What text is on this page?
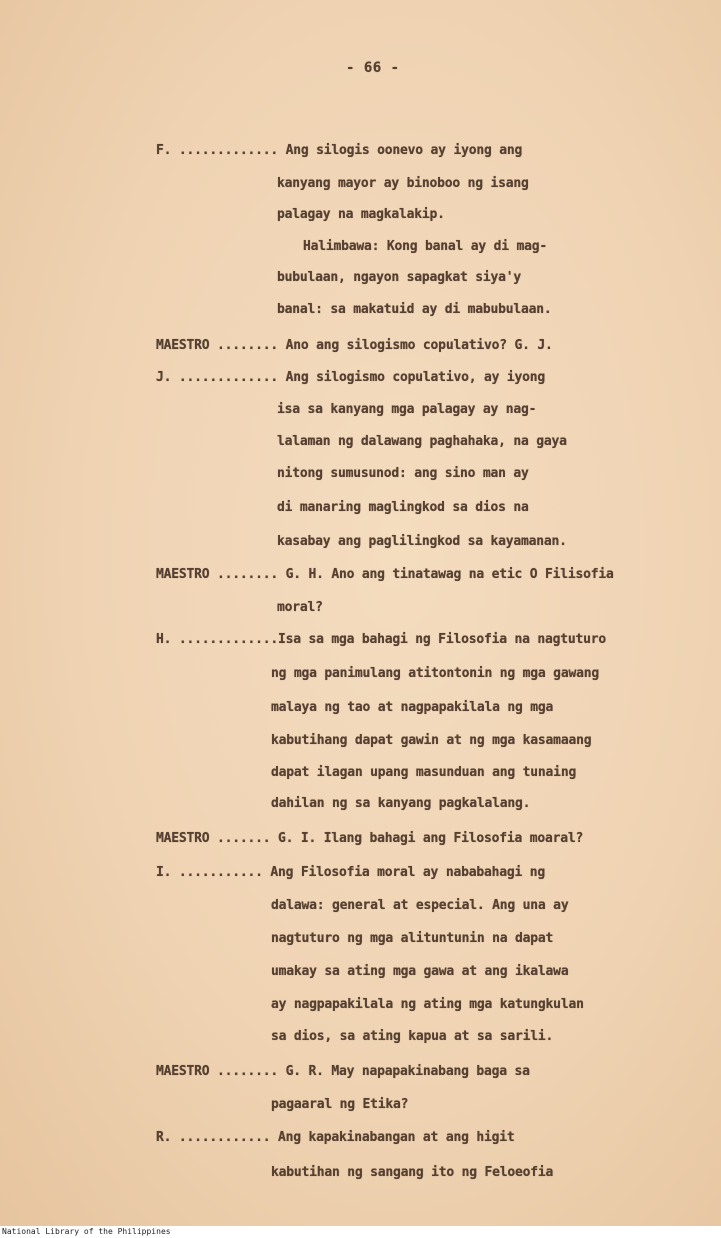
- 66 -
F. ............. Ang silogis oonevo ay iyong ang
kanyang mayor ay binoboo ng isang
palagay na magkalakip.
Halimbawa: Kong banal ay di mag-
bubulaan, ngayon sapagkat siya'y
banal: sa makatuid ay di mabubulaan.
MAESTRO ........ Ano ang silogismo copulativo? G. J.
J. ............. Ang silogismo copulativo, ay iyong
isa sa kanyang mga palagay ay nag-
lalaman ng dalawang paghahaka, na gaya
nitong sumusunod: ang sino man ay
di manaring maglingkod sa dios na
kasabay ang paglilingkod sa kayamanan.
MAESTRO ........ G. H. Ano ang tinatawag na etic O Filisofia
moral?
H. .............Isa sa mga bahagi ng Filosofia na nagtuturo
ng mga panimulang atitontonin ng mga gawang
malaya ng tao at nagpapakilala ng mga
kabutihang dapat gawin at ng mga kasamaang
dapat ilagan upang masunduan ang tunaing
dahilan ng sa kanyang pagkalalang.
MAESTRO ....... G. I. Ilang bahagi ang Filosofia moaral?
I. ........... Ang Filosofia moral ay nababahagi ng
dalawa: general at especial. Ang una ay
nagtuturo ng mga alituntunin na dapat
umakay sa ating mga gawa at ang ikalawa
ay nagpapakilala ng ating mga katungkulan
sa dios, sa ating kapua at sa sarili.
MAESTRO ........ G. R. May napapakinabang baga sa
pagaaral ng Etika?
R. ............ Ang kapakinabangan at ang higit
kabutihan ng sangang ito ng Feloeofia
National Library of the Philippines
